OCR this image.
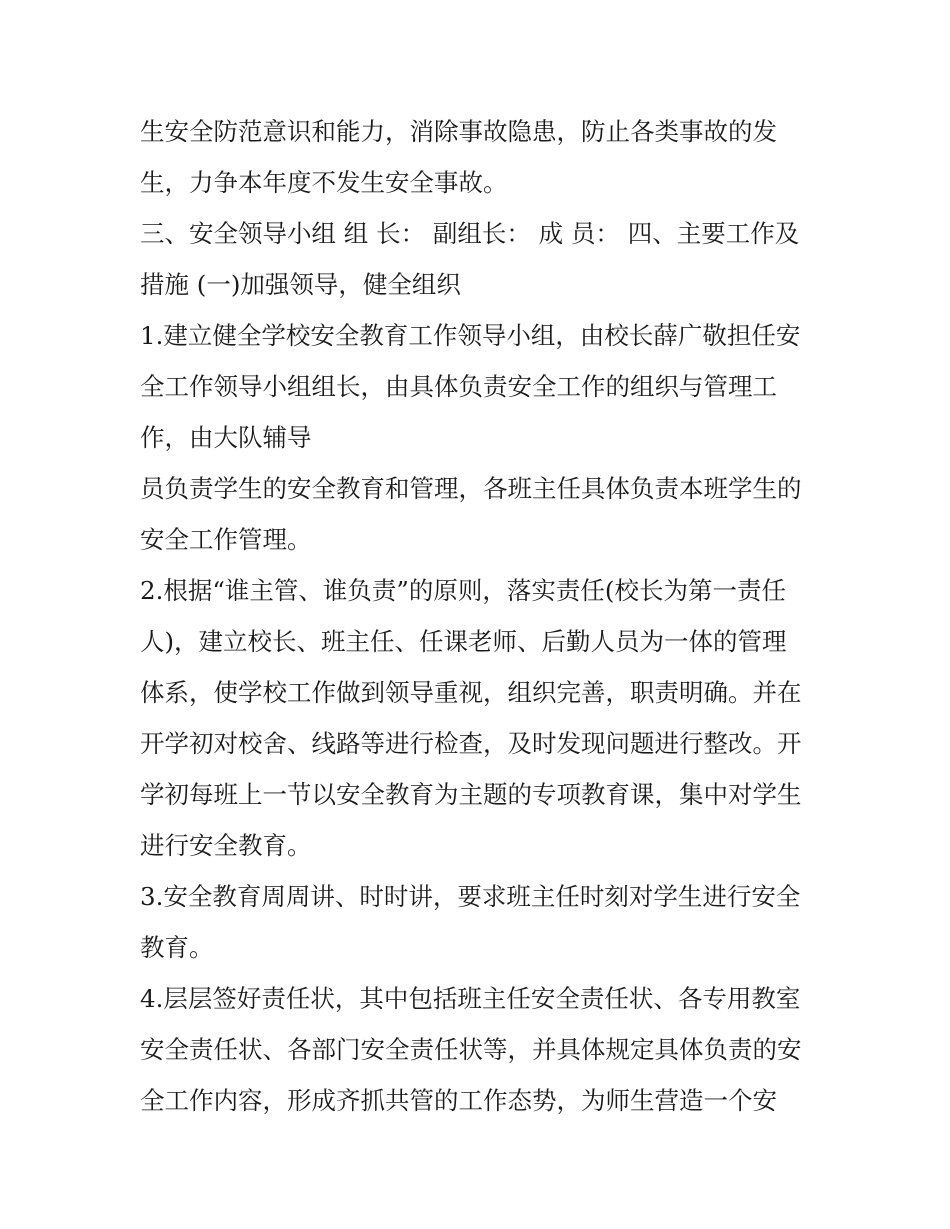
生安全防范意识和能力，消除事故隐患，防止各类事故的发
生，力争本年度不发生安全事故。
三、安全领导小组 组 长： 副组长： 成 员： 四、主要工作及
措施 (一)加强领导，健全组织
1.建立健全学校安全教育工作领导小组，由校长薛广敬担任安
全工作领导小组组长，由具体负责安全工作的组织与管理工
作，由大队辅导
员负责学生的安全教育和管理，各班主任具体负责本班学生的
安全工作管理。
2.根据“谁主管、谁负责”的原则，落实责任(校长为第一责任
人)，建立校长、班主任、任课老师、后勤人员为一体的管理
体系，使学校工作做到领导重视，组织完善，职责明确。并在
开学初对校舍、线路等进行检查，及时发现问题进行整改。开
学初每班上一节以安全教育为主题的专项教育课，集中对学生
进行安全教育。
3.安全教育周周讲、时时讲，要求班主任时刻对学生进行安全
教育。
4.层层签好责任状，其中包括班主任安全责任状、各专用教室
安全责任状、各部门安全责任状等，并具体规定具体负责的安
全工作内容，形成齐抓共管的工作态势，为师生营造一个安
